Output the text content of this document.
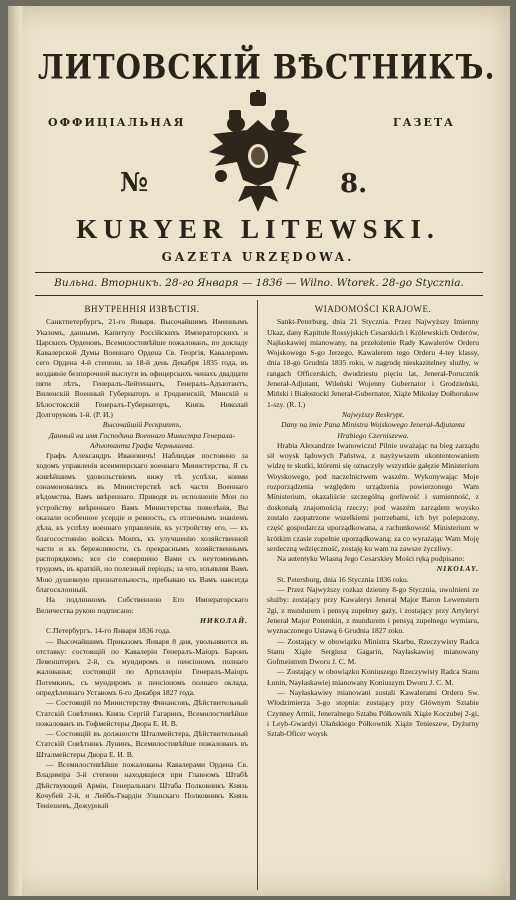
ЛИТОВСКІЙ ВѢСТНИКЪ.
ОФФИЦІАЛЬНАЯ	ГАЗЕТА
№	8.
KURYER LITEWSKI.
GAZETA URZĘDOWA.
Вильна. Вторникъ. 28-го Января — 1836 — Wilno. Wtorek. 28-go Stycznia.
ВНУТРЕННІЯ ИЗВѢСТІЯ.

Санктпетербургъ, 21-го Января. Высочайшимъ Именнымъ Указомъ, даннымъ Капитулу Россійскихъ Императорскихъ и Царскихъ Орденовъ, Всемилостивѣйше пожалованъ, по докладу Кавалерской Думы Военнаго Ордена Св. Георгія, Кавалеромъ сего Ордена 4-й степени, за 18-й день Декабря 1835 года, въ воздаяніе безпорочной выслуги въ офицерскихъ чинахъ двадцати пяти лѣтъ, Генералъ-Лейтенантъ, Генералъ-Адъютантъ, Виленскій Военный Губернаторъ и Гродненскій, Минскій и Бѣлостокскій Генералъ-Губернаторъ, Князь Николай Долгоруковъ 1-й. (Р. И.)

Высочайшій Рескриптъ,

Данный на имя Господина Военнаго Министра Генерала-Адъютанта Графа Чернышева.

Графъ Александръ Ивановичъ! Наблюдая постоянно за ходомъ управленія всеимперскаго военнаго Министерства, Я съ живѣйшимъ удовольствіемъ вижу тѣ успѣхи, коими ознаменовались въ Министерствѣ всѣ части Военнаго вѣдомства, Вамъ ввѣреннаго. Приводя въ исполненіе Мои по устройству ввѣреннаго Вамъ Министерства повелѣнія, Вы оказали особенное усердіе и ревность, съ отличнымъ знаніемъ дѣла, къ успѣху военнаго управленія, къ устройству его, — къ благосостоянію войскъ Моихъ, къ улучшенію хозяйственной части и къ бережливости, съ прекраснымъ хозяйственнымъ распорядкомъ; все сіе совершено Вами съ неутомимымъ трудомъ, въ краткій, но полезный періодъ; за что, изъявляя Вамъ Мою душевную признательность, пребываю къ Вамъ навсегда благосклонный.

На подлинномъ Собственною Его Императорскаго Величества рукою подписано:

НИКОЛАЙ.

С.Петербургъ. 14-го Января 1836 года.

— Высочайшимъ Приказомъ Января 8 дня, увольняются въ отставку: состоящій по Кавалеріи Генералъ-Маіоръ Баронъ Левенштернъ 2-й, съ мундиромъ и пенсіономъ полнаго жалованья; состоящій по Артиллеріи Генералъ-Маіоръ Потемкинъ, съ мундиромъ и пенсіономъ полнаго оклада, опредѣленнаго Уставомъ 6-го Декабря 1827 года.

— Состоящій по Министерству Финансовъ, Дѣйствительный Статскій Совѣтникъ Князь Сергій Гагаринъ, Всемилостивѣйше пожалованъ въ Гофмейстеры Двора Е. И. В.

— Состоящій въ должности Шталмейстера, Дѣйствительный Статскій Совѣтникъ Лунинъ, Всемилостивѣйше пожалованъ въ Шталмейстеры Двора Е. И. В.

— Всемилостивѣйше пожалованы Кавалерами Ордена Св. Владиміра 3-й степени находящіеся при Главномъ Штабѣ Дѣйствующей Арміи, Генеральнаго Штаба Полковникъ Князь Кочубей 2-й, и Лейбъ-Гвардіи Уланскаго Полковникъ Князь Теніешевъ, Дежурный

WIADOMOŚCI KRAJOWE.

Sankt-Peterburg, dnia 21 Stycznia. Przez Najwyższy Imienny Ukaz, dany Kapitule Rossyjskich Cesarskich i Królewskich Orderów, Najłaskawiej mianowany, na przełożenie Rady Kawalerów Orderu Wojskowego S-go Jerzego, Kawalerem tego Orderu 4-tey klassy, dnia 18-go Grudnia 1835 roku, w nagrodę nieskazitelney służby, w rangach Officerskich, dwudziestu pięciu lat, Jenerał-Porucznik Jenerał-Adjutant, Wileński Wojenny Gubernator i Grodzieński, Miński i Białostocki Jenerał-Gubernator, Xiąże Mikołay Dołhorukow 1-szy. (R. I.)

Najwyższy Reskrypt,

Dany na imie Pana Ministra Wojskowego Jenerał-Adjutanta Hrabiego Czerniszewa.

Hrabia Alexandrze Iwanowiczu! Pilnie uważając na bieg zarządu sił woysk lądowych Państwa, z nayżywszem ukontentowaniem widzę te skutki, któremi się oznaczyły wszystkie gałęzie Ministerium Woyskowego, pod naczelnictwem waszém. Wykonywając Moje rozporządzenia względem urządzenia powierzonego Wam Ministerium, okazaliście szczególną gorliwość i sumienność, z doskonałą znajomością rzeczy; pod waszém zarządem woysko zostało zaopatrzone wszelkiemi potrzebami, ich byt polepszony, część gospodarcza uporządkowana, a rachunkowość Ministerium w krótkim czasie zupełnie uporządkowaną; za co wyrażając Wam Moję serdeczną wdzięczność, zostaję ku wam na zawsze życzliwy.

Na autentyku Własną Jego Cesarskiey Mości ręką podpisano:

NIKOŁAY.

St. Petersburg, dnia 16 Stycznia 1836 roku.

— Przez Najwyższy rozkaz dzienny 8-go Stycznia, uwolnieni ze służby: zostający przy Kawaleryi Jenerał Major Baron Lewenstern 2gi, z mundurem i pensyą zupełney gaży, i zostający przy Artyleryi Jenerał Major Potemkin, z mundurem i pensyą zupełnego wymiaru, wyznaczonego Ustawą 6 Grudnia 1827 roku.

— Zostający w obowiązku Ministra Skarbu, Rzeczywisty Radca Stanu Xiąże Sergiusz Gagarin, Nayłaskawiej mianowany Gofmeistrem Dworu J. C. M.

— Zostający w obowiązku Koniuszego Rzeczywisty Radca Stanu Łunin, Nayłaskawiej mianowany Koniuszym Dworu J. C. M.

— Nayłaskawiey mianowani zostali Kawalerami Orderu Sw. Włodzimierza 3-go stopnia: zostający przy Głównym Sztabie Czynney Armii, Jeneralnego Sztabu Półkownik Xiąże Koczubej 2-gi, i Leyb-Gwardyi Ułańskiego Półkownik Xiąże Tenieszew, Dyżurny Sztab-Oficer woysk
